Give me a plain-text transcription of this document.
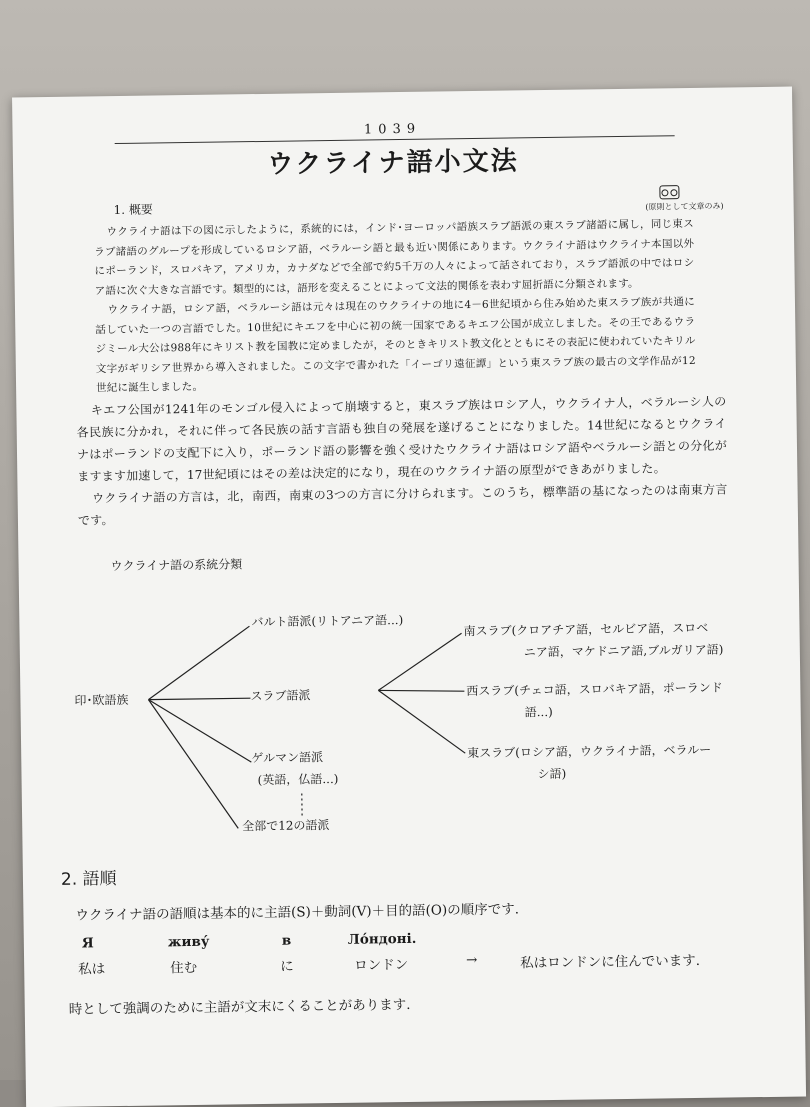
1039

ウクライナ語小文法
1. 概要	(原則として文章のみ)

ウクライナ語は下の図に示したように，系統的には，インド･ヨーロッパ語族スラブ語派の東スラブ諸語に属し，同じ東スラブ諸語のグループを形成しているロシア語，ベラルーシ語と最も近い関係にあります。ウクライナ語はウクライナ本国以外にポーランド，スロバキア，アメリカ，カナダなどで全部で約5千万の人々によって話されており，スラブ語派の中ではロシア語に次ぐ大きな言語です。類型的には，語形を変えることによって文法的関係を表わす屈折語に分類されます。

ウクライナ語，ロシア語，ベラルーシ語は元々は現在のウクライナの地に4－6世紀頃から住み始めた東スラブ族が共通に話していた一つの言語でした。10世紀にキエフを中心に初の統一国家であるキエフ公国が成立しました。その王であるウラジミール大公は988年にキリスト教を国教に定めましたが，そのときキリスト教文化とともにその表記に使われていたキリル文字がギリシア世界から導入されました。この文字で書かれた「イーゴリ遠征譚」という東スラブ族の最古の文学作品が12世紀に誕生しました。

キエフ公国が1241年のモンゴル侵入によって崩壊すると，東スラブ族はロシア人，ウクライナ人，ベラルーシ人の各民族に分かれ，それに伴って各民族の話す言語も独自の発展を遂げることになりました。14世紀になるとウクライナはポーランドの支配下に入り，ポーランド語の影響を強く受けたウクライナ語はロシア語やベラルーシ語との分化がますます加速して，17世紀頃にはその差は決定的になり，現在のウクライナ語の原型ができあがりました。

ウクライナ語の方言は，北，南西，南東の3つの方言に分けられます。このうち，標準語の基になったのは南東方言です。

ウクライナ語の系統分類
印･欧語族
バルト語派(リトアニア語...)
スラブ語派
ゲルマン語派
(英語，仏語...)
全部で12の語派
南スラブ(クロアチア語，セルビア語，スロベ
ニア語，マケドニア語,ブルガリア語)
西スラブ(チェコ語，スロバキア語，ポーランド
語...)
東スラブ(ロシア語，ウクライナ語，ベラルー
シ語)
2. 語順
ウクライナ語の語順は基本的に主語(S)＋動詞(V)＋目的語(O)の順序です.
Я	живу́	в	Ло́ндоні.
私は	住む	に	ロンドン	→	私はロンドンに住んでいます.
時として強調のために主語が文末にくることがあります.
